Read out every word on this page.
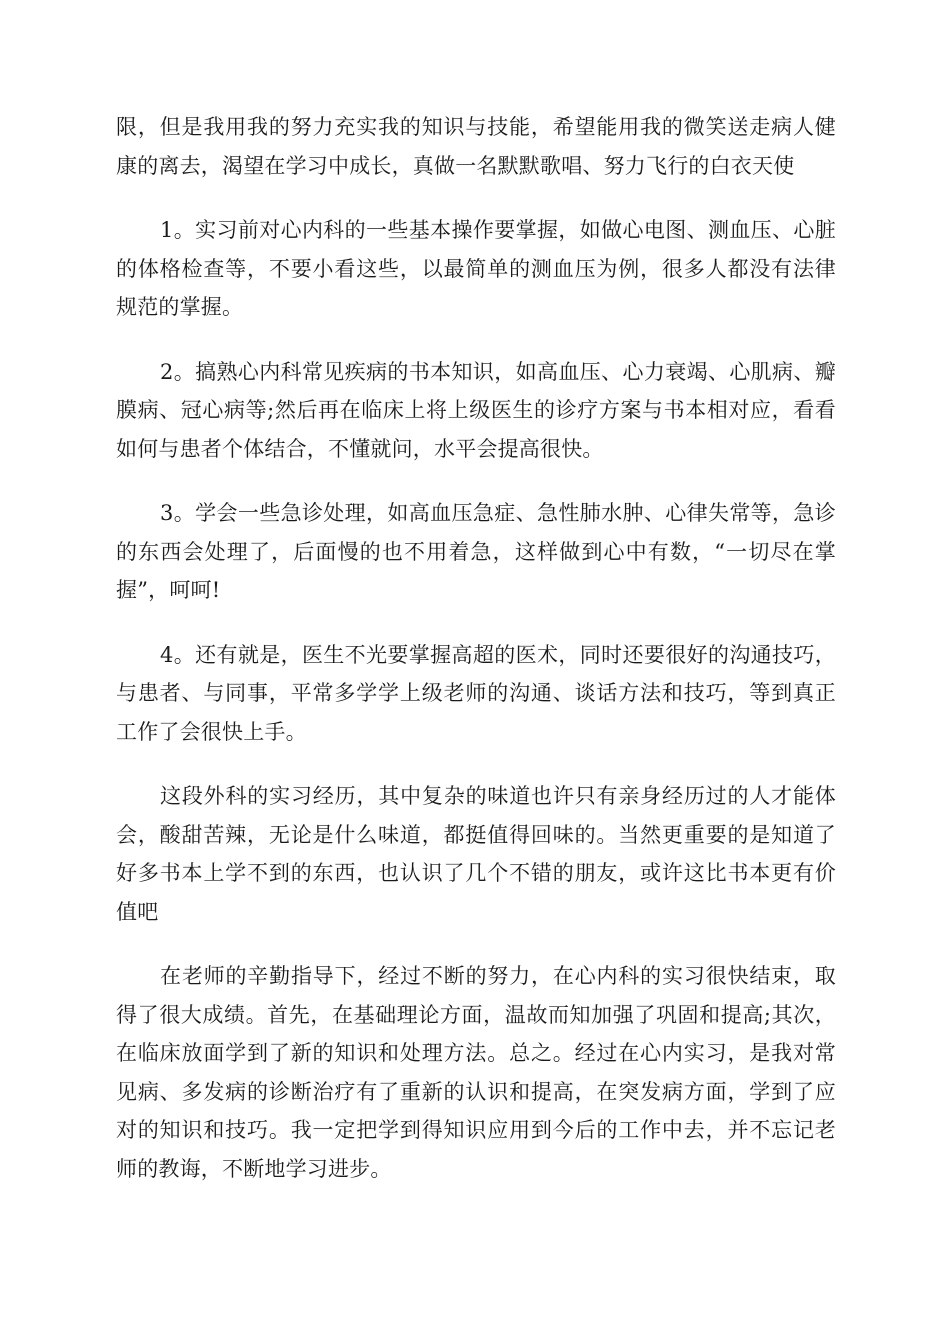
限，但是我用我的努力充实我的知识与技能，希望能用我的微笑送走病人健康的离去，渴望在学习中成长，真做一名默默歌唱、努力飞行的白衣天使

1。实习前对心内科的一些基本操作要掌握，如做心电图、测血压、心脏的体格检查等，不要小看这些，以最简单的测血压为例，很多人都没有法律规范的掌握。

2。搞熟心内科常见疾病的书本知识，如高血压、心力衰竭、心肌病、瓣膜病、冠心病等;然后再在临床上将上级医生的诊疗方案与书本相对应，看看如何与患者个体结合，不懂就问，水平会提高很快。

3。学会一些急诊处理，如高血压急症、急性肺水肿、心律失常等，急诊的东西会处理了，后面慢的也不用着急，这样做到心中有数，“一切尽在掌握”，呵呵!

4。还有就是，医生不光要掌握高超的医术，同时还要很好的沟通技巧，与患者、与同事，平常多学学上级老师的沟通、谈话方法和技巧，等到真正工作了会很快上手。

这段外科的实习经历，其中复杂的味道也许只有亲身经历过的人才能体会，酸甜苦辣，无论是什么味道，都挺值得回味的。当然更重要的是知道了好多书本上学不到的东西，也认识了几个不错的朋友，或许这比书本更有价值吧

在老师的辛勤指导下，经过不断的努力，在心内科的实习很快结束，取得了很大成绩。首先，在基础理论方面，温故而知加强了巩固和提高;其次，在临床放面学到了新的知识和处理方法。总之。经过在心内实习，是我对常见病、多发病的诊断治疗有了重新的认识和提高，在突发病方面，学到了应对的知识和技巧。我一定把学到得知识应用到今后的工作中去，并不忘记老师的教诲，不断地学习进步。
